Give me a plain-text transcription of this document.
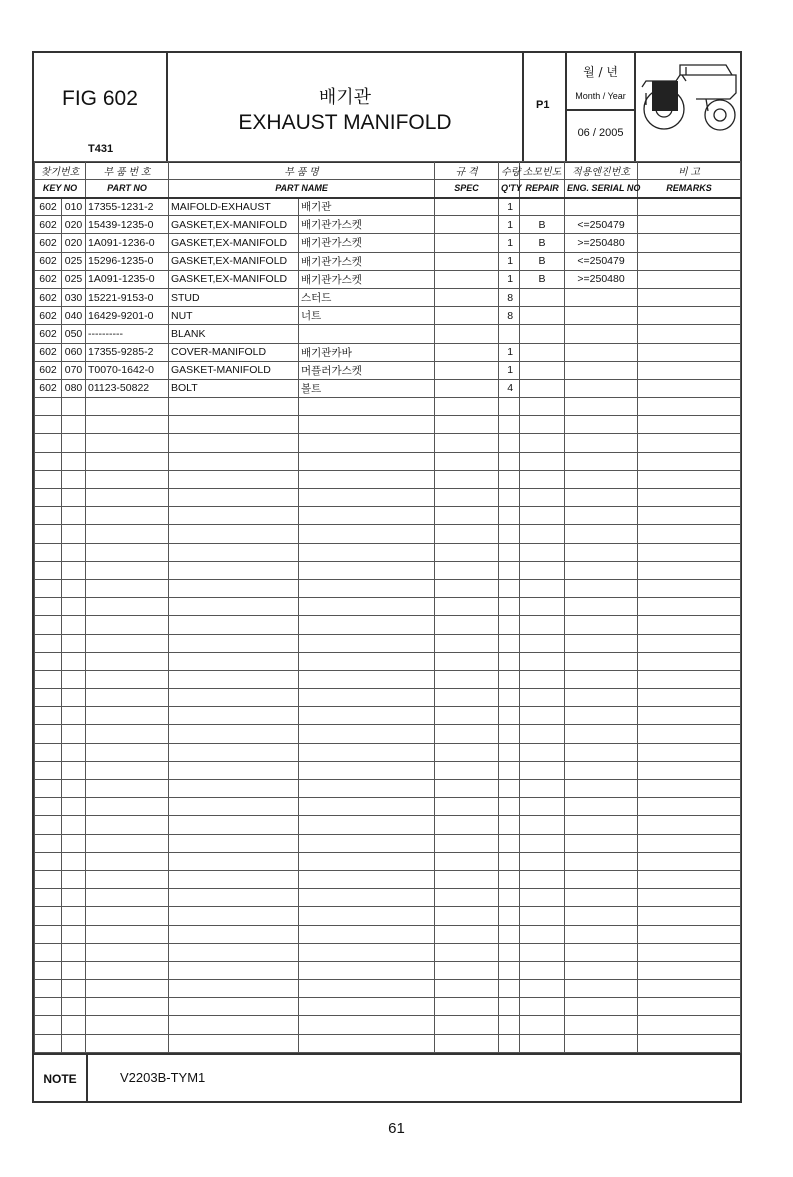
FIG 602
T431
배기관
EXHAUST MANIFOLD
P1
월 / 년
Month / Year
06 / 2005
찾기번호		부 품 번 호	부 품 명		규 격	수량	소모빈도	적용엔진번호	비 고
KEY NO		PART NO	PART NAME		SPEC	Q'TY	REPAIR	ENG. SERIAL NO	REMARKS
602	010	17355-1231-2	MAIFOLD-EXHAUST	배기관		1			
602	020	15439-1235-0	GASKET,EX-MANIFOLD	배기관가스켓		1	B	<=250479	
602	020	1A091-1236-0	GASKET,EX-MANIFOLD	배기관가스켓		1	B	>=250480	
602	025	15296-1235-0	GASKET,EX-MANIFOLD	배기관가스켓		1	B	<=250479	
602	025	1A091-1235-0	GASKET,EX-MANIFOLD	배기관가스켓		1	B	>=250480	
602	030	15221-9153-0	STUD	스터드		8			
602	040	16429-9201-0	NUT	너트		8			
602	050	----------	BLANK						
602	060	17355-9285-2	COVER-MANIFOLD	배기관카바		1			
602	070	T0070-1642-0	GASKET-MANIFOLD	머플러가스켓		1			
602	080	01123-50822	BOLT	볼트		4			

NOTE	V2203B-TYM1
61
